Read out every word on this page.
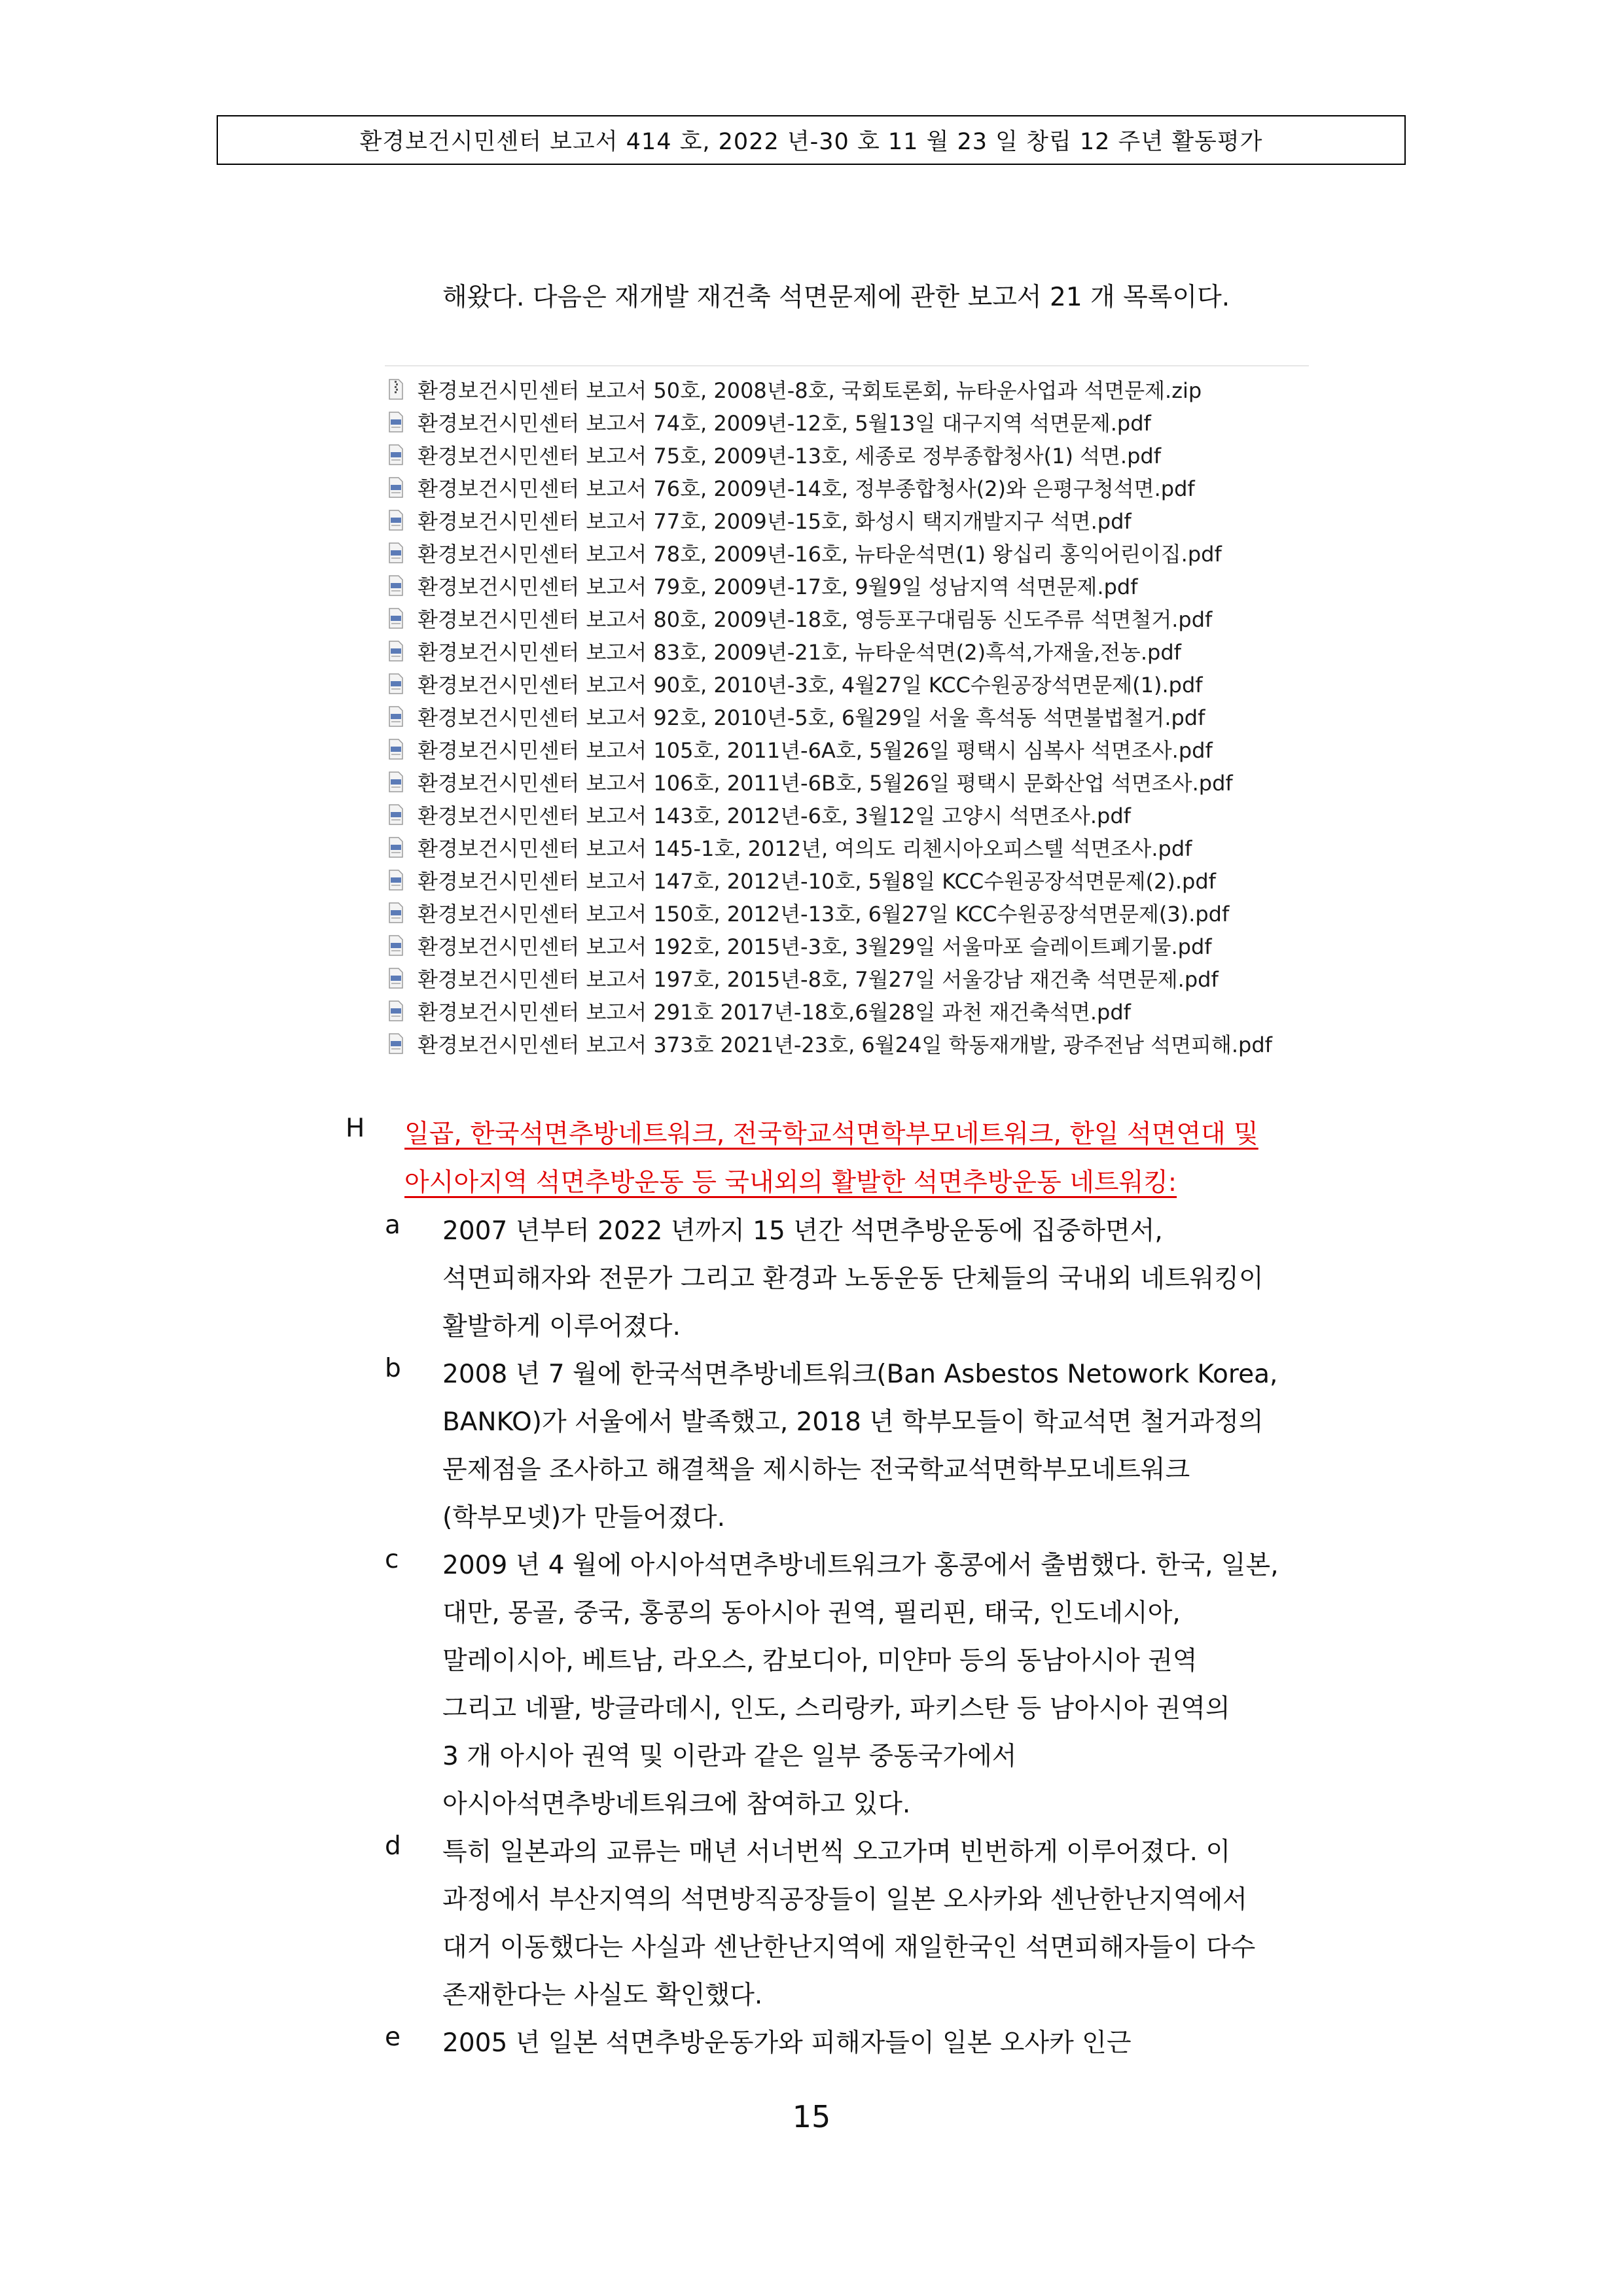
환경보건시민센터 보고서 414 호, 2022 년-30 호 11 월 23 일 창립 12 주년 활동평가
해왔다. 다음은 재개발 재건축 석면문제에 관한 보고서 21 개 목록이다.
환경보건시민센터 보고서 50호, 2008년-8호, 국회토론회, 뉴타운사업과 석면문제.zip
환경보건시민센터 보고서 74호, 2009년-12호, 5월13일 대구지역 석면문제.pdf
환경보건시민센터 보고서 75호, 2009년-13호, 세종로 정부종합청사(1) 석면.pdf
환경보건시민센터 보고서 76호, 2009년-14호, 정부종합청사(2)와 은평구청석면.pdf
환경보건시민센터 보고서 77호, 2009년-15호, 화성시 택지개발지구 석면.pdf
환경보건시민센터 보고서 78호, 2009년-16호, 뉴타운석면(1) 왕십리 홍익어린이집.pdf
환경보건시민센터 보고서 79호, 2009년-17호, 9월9일 성남지역 석면문제.pdf
환경보건시민센터 보고서 80호, 2009년-18호, 영등포구대림동 신도주류 석면철거.pdf
환경보건시민센터 보고서 83호, 2009년-21호, 뉴타운석면(2)흑석,가재울,전농.pdf
환경보건시민센터 보고서 90호, 2010년-3호, 4월27일 KCC수원공장석면문제(1).pdf
환경보건시민센터 보고서 92호, 2010년-5호, 6월29일 서울 흑석동 석면불법철거.pdf
환경보건시민센터 보고서 105호, 2011년-6A호, 5월26일 평택시 심복사 석면조사.pdf
환경보건시민센터 보고서 106호, 2011년-6B호, 5월26일 평택시 문화산업 석면조사.pdf
환경보건시민센터 보고서 143호, 2012년-6호, 3월12일 고양시 석면조사.pdf
환경보건시민센터 보고서 145-1호, 2012년, 여의도 리첸시아오피스텔 석면조사.pdf
환경보건시민센터 보고서 147호, 2012년-10호, 5월8일 KCC수원공장석면문제(2).pdf
환경보건시민센터 보고서 150호, 2012년-13호, 6월27일 KCC수원공장석면문제(3).pdf
환경보건시민센터 보고서 192호, 2015년-3호, 3월29일 서울마포 슬레이트폐기물.pdf
환경보건시민센터 보고서 197호, 2015년-8호, 7월27일 서울강남 재건축 석면문제.pdf
환경보건시민센터 보고서 291호 2017년-18호,6월28일 과천 재건축석면.pdf
환경보건시민센터 보고서 373호 2021년-23호, 6월24일 학동재개발, 광주전남 석면피해.pdf
H 일곱, 한국석면추방네트워크, 전국학교석면학부모네트워크, 한일 석면연대 및
아시아지역 석면추방운동 등 국내외의 활발한 석면추방운동 네트워킹:
a 2007 년부터 2022 년까지 15 년간 석면추방운동에 집중하면서,
석면피해자와 전문가 그리고 환경과 노동운동 단체들의 국내외 네트워킹이
활발하게 이루어졌다.
b 2008 년 7 월에 한국석면추방네트워크(Ban Asbestos Netowork Korea,
BANKO)가 서울에서 발족했고, 2018 년 학부모들이 학교석면 철거과정의
문제점을 조사하고 해결책을 제시하는 전국학교석면학부모네트워크
(학부모넷)가 만들어졌다.
c 2009 년 4 월에 아시아석면추방네트워크가 홍콩에서 출범했다. 한국, 일본,
대만, 몽골, 중국, 홍콩의 동아시아 권역, 필리핀, 태국, 인도네시아,
말레이시아, 베트남, 라오스, 캄보디아, 미얀마 등의 동남아시아 권역
그리고 네팔, 방글라데시, 인도, 스리랑카, 파키스탄 등 남아시아 권역의
3 개 아시아 권역 및 이란과 같은 일부 중동국가에서
아시아석면추방네트워크에 참여하고 있다.
d 특히 일본과의 교류는 매년 서너번씩 오고가며 빈번하게 이루어졌다. 이
과정에서 부산지역의 석면방직공장들이 일본 오사카와 센난한난지역에서
대거 이동했다는 사실과 센난한난지역에 재일한국인 석면피해자들이 다수
존재한다는 사실도 확인했다.
e 2005 년 일본 석면추방운동가와 피해자들이 일본 오사카 인근
15
